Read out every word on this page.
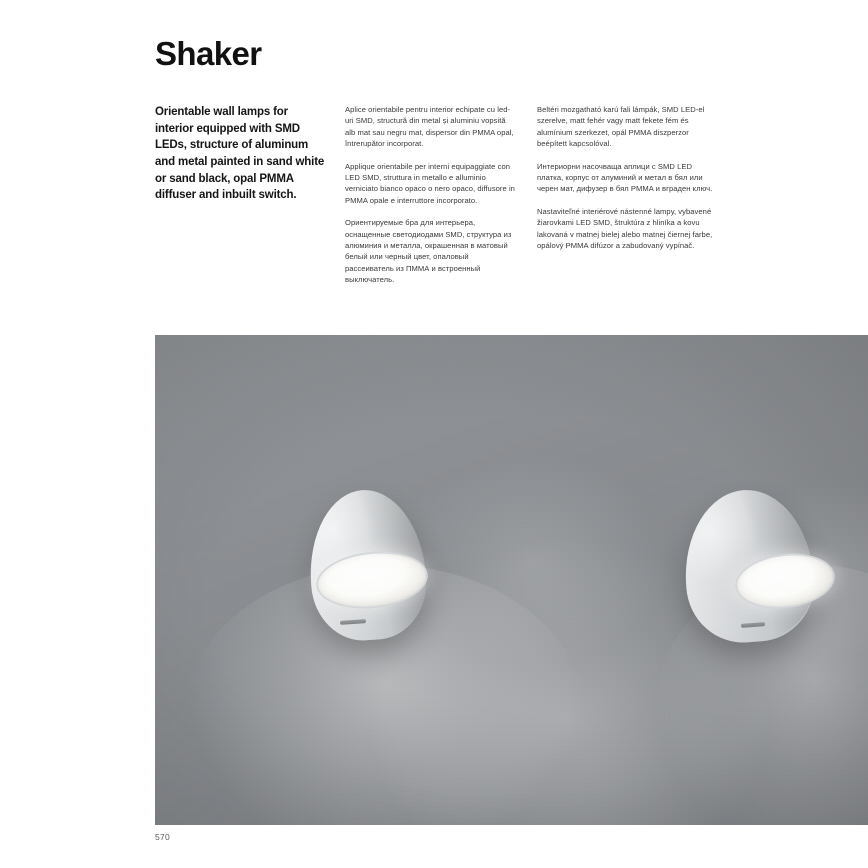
Shaker

Orientable wall lamps for interior equipped with SMD LEDs, structure of aluminum and metal painted in sand white or sand black, opal PMMA diffuser and inbuilt switch.

Aplice orientabile pentru interior echipate cu led-uri SMD, structură din metal și aluminiu vopsită alb mat sau negru mat, dispersor din PMMA opal, întrerupător incorporat.

Applique orientabile per interni equipaggiate con LED SMD, struttura in metallo e alluminio verniciato bianco opaco o nero opaco, diffusore in PMMA opale e interruttore incorporato.

Ориентируемые бра для интерьера, оснащенные светодиодами SMD, структура из алюминия и металла, окрашенная в матовый белый или черный цвет, опаловый рассеиватель из ПММА и встроенный выключатель.

Beltéri mozgatható karú fali lámpák, SMD LED-el szerelve, matt fehér vagy matt fekete fém és alumínium szerkezet, opál PMMA diszperzor beépített kapcsolóval.

Интериорни насочваща аплици с SMD LED платка, корпус от алуминий и метал в бял или черен мат, дифузер в бял PMMA и вграден ключ.

Nastaviteľné interiérové nástenné lampy, vybavené žiarovkami LED SMD, štruktúra z hliníka a kovu lakovaná v matnej bielej alebo matnej čiernej farbe, opálový PMMA difúzor a zabudovaný vypínač.

570
